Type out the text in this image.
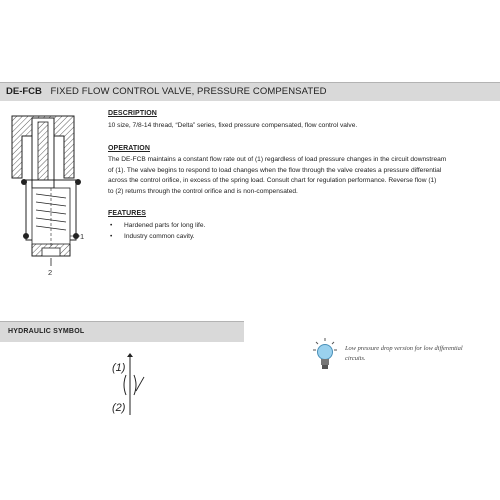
DE-FCB FIXED FLOW CONTROL VALVE, PRESSURE COMPENSATED
1
2
DESCRIPTION
10 size, 7/8-14 thread, “Delta” series, fixed pressure compensated, flow control valve.
OPERATION
The DE-FCB maintains a constant flow rate out of (1) regardless of load pressure changes in the circuit downstream
of (1). The valve begins to respond to load changes when the flow through the valve creates a pressure differential
across the control orifice, in excess of the spring load. Consult chart for regulation performance. Reverse flow (1)
to (2) returns through the control orifice and is non-compensated.
FEATURES
• Hardened parts for long life.
• Industry common cavity.
HYDRAULIC SYMBOL
(1)
(2)
Low pressure drop version for low differential
circuits.
